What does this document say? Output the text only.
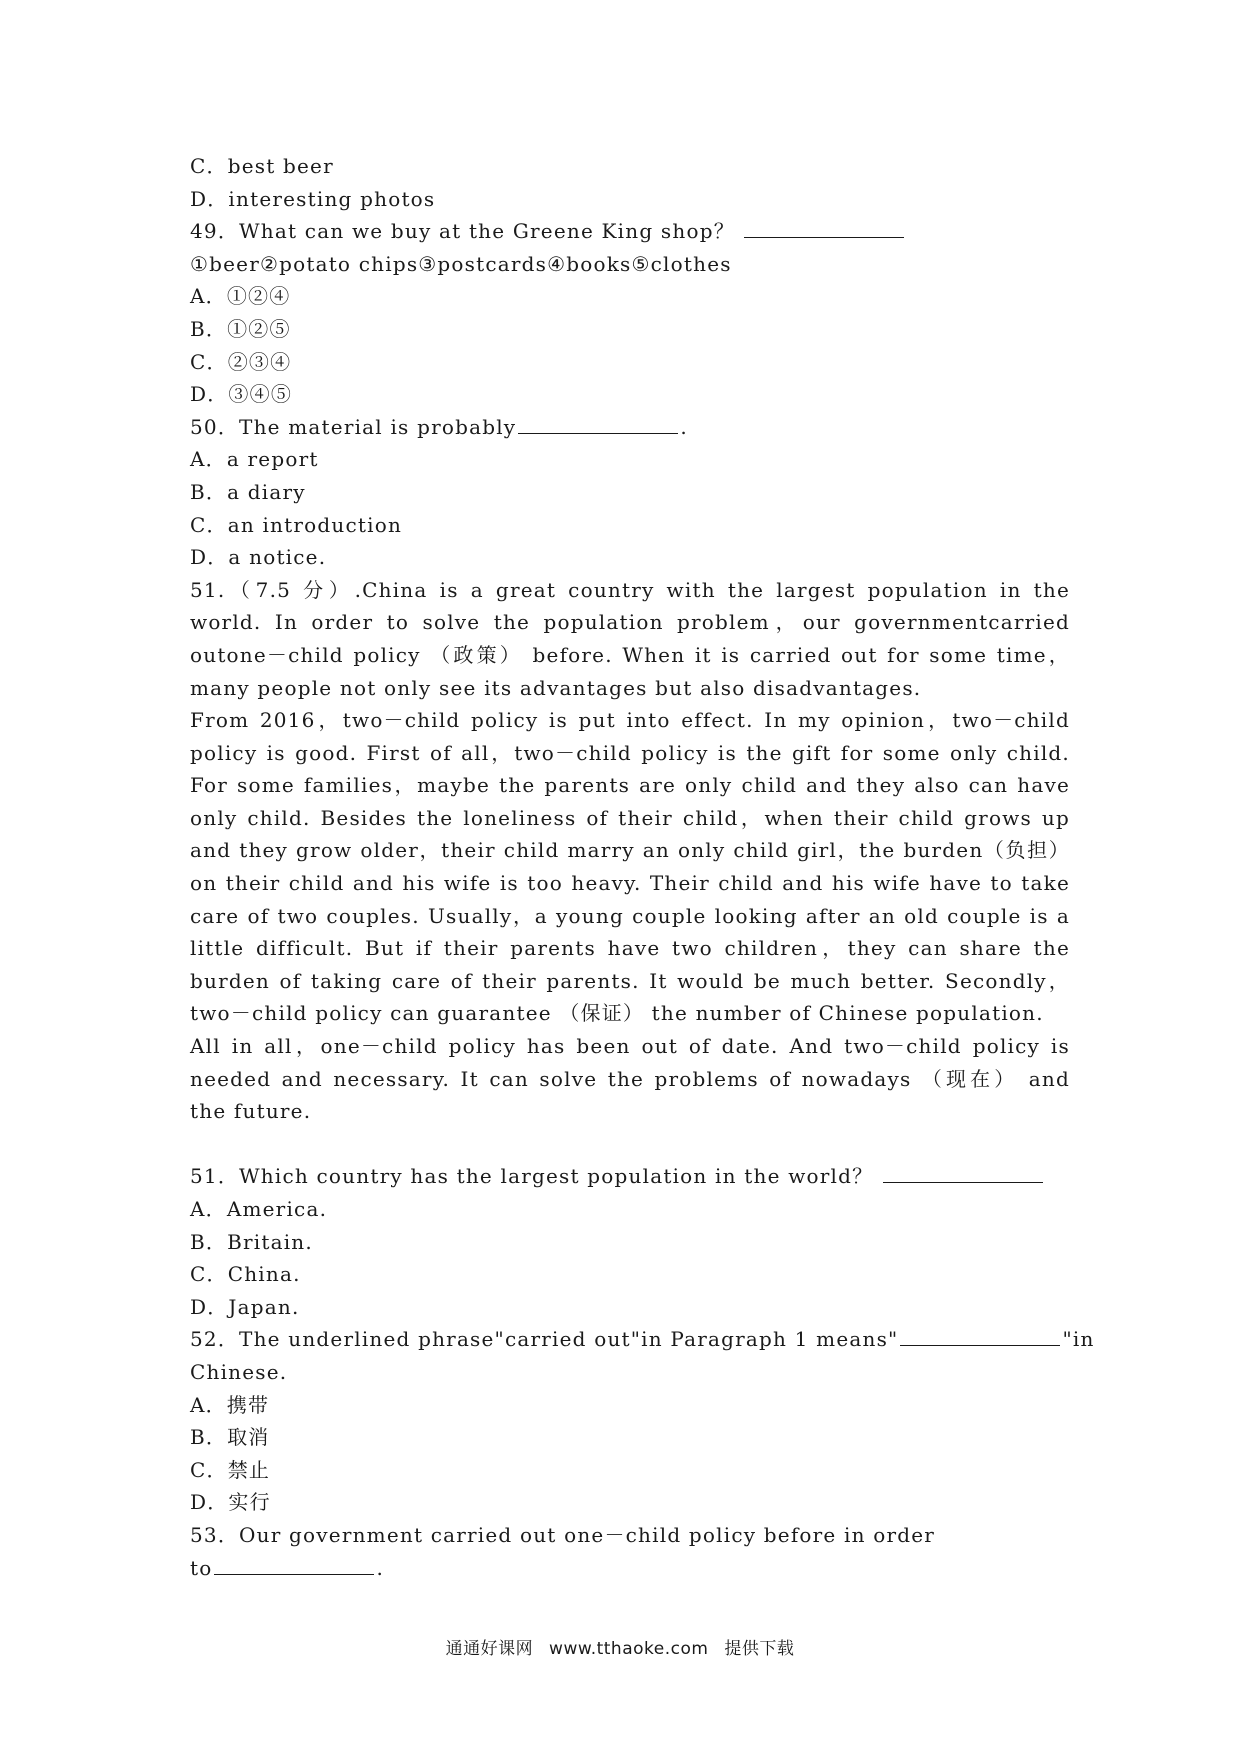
C．best beer
D．interesting photos
49．What can we buy at the Greene King shop？
①beer②potato chips③postcards④books⑤clothes
A．①②④
B．①②⑤
C．②③④
D．③④⑤
50．The material is probably	.
A．a report
B．a diary
C．an introduction
D．a notice.
51.（7.5 分）.China is a great country with the largest population in the world. In order to solve the population problem，our governmentcarried outone－child policy （政策） before. When it is carried out for some time，many people not only see its advantages but also disadvantages.
From 2016，two－child policy is put into effect. In my opinion，two－child policy is good. First of all，two－child policy is the gift for some only child. For some families，maybe the parents are only child and they also can have only child. Besides the loneliness of their child，when their child grows up and they grow older，their child marry an only child girl，the burden（负担）on their child and his wife is too heavy. Their child and his wife have to take care of two couples. Usually，a young couple looking after an old couple is a little difficult. But if their parents have two children，they can share the burden of taking care of their parents. It would be much better. Secondly，two－child policy can guarantee （保证） the number of Chinese population.
All in all，one－child policy has been out of date. And two－child policy is needed and necessary. It can solve the problems of nowadays （现在） and the future.
51．Which country has the largest population in the world？
A．America.
B．Britain.
C．China.
D．Japan.
52．The underlined phrase"carried out"in Paragraph 1 means"	"in
Chinese.
A．携带
B．取消
C．禁止
D．实行
53．Our government carried out one－child policy before in order
to	.
通通好课网 www.tthaoke.com 提供下载
